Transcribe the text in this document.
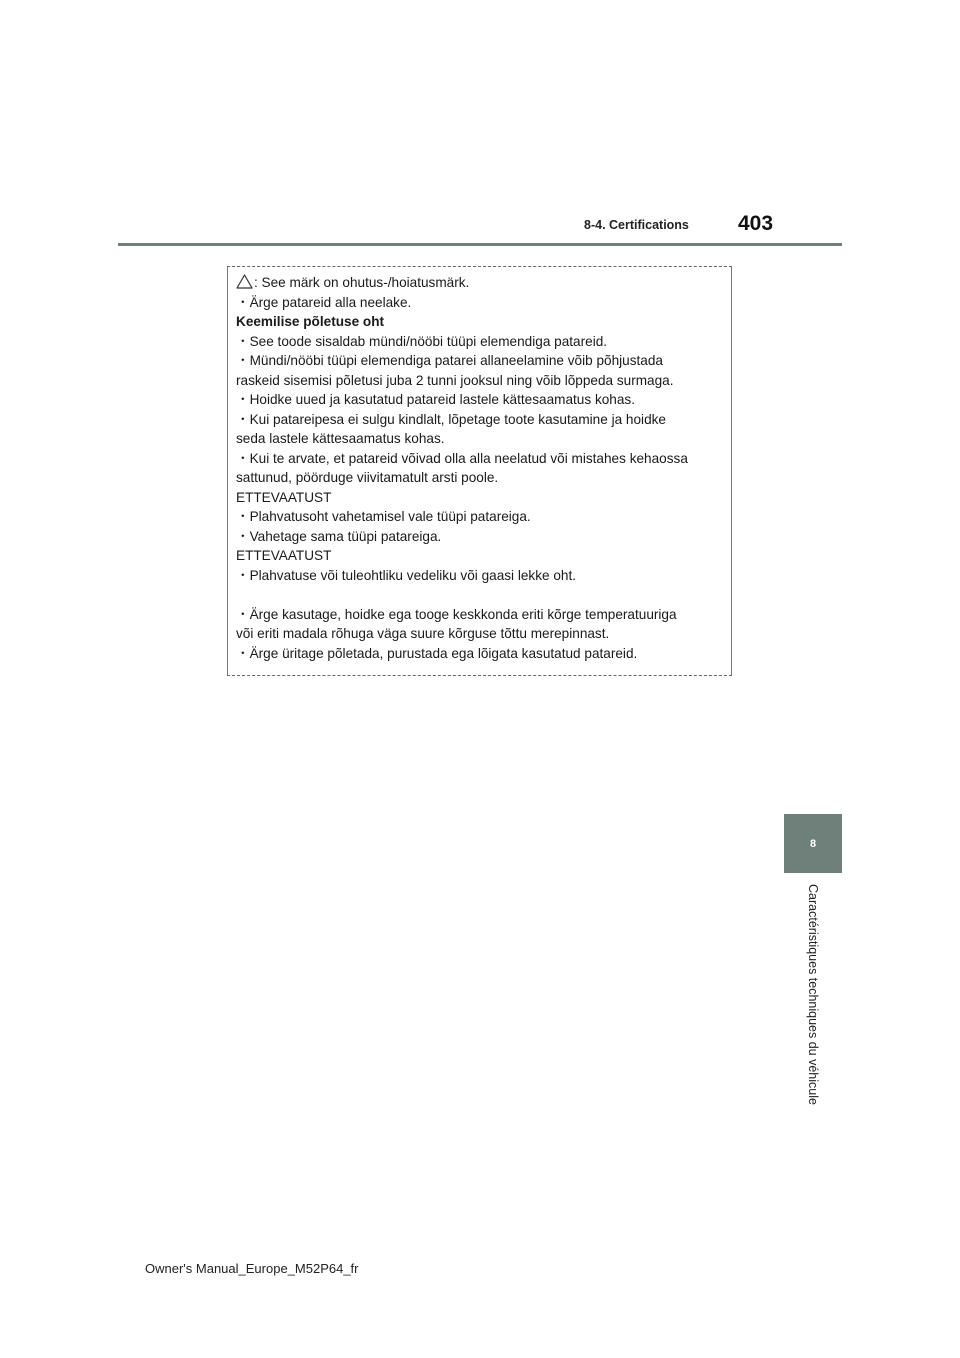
8-4. Certifications 403
: See märk on ohutus-/hoiatusmärk.
・Ärge patareid alla neelake.
Keemilise põletuse oht
・See toode sisaldab mündi/nööbi tüüpi elemendiga patareid.
・Mündi/nööbi tüüpi elemendiga patarei allaneelamine võib põhjustada
raskeid sisemisi põletusi juba 2 tunni jooksul ning võib lõppeda surmaga.
・Hoidke uued ja kasutatud patareid lastele kättesaamatus kohas.
・Kui patareipesa ei sulgu kindlalt, lõpetage toote kasutamine ja hoidke
seda lastele kättesaamatus kohas.
・Kui te arvate, et patareid võivad olla alla neelatud või mistahes kehaossa
sattunud, pöörduge viivitamatult arsti poole.
ETTEVAATUST
・Plahvatusoht vahetamisel vale tüüpi patareiga.
・Vahetage sama tüüpi patareiga.
ETTEVAATUST
・Plahvatuse või tuleohtliku vedeliku või gaasi lekke oht.
・Ärge kasutage, hoidke ega tooge keskkonda eriti kõrge temperatuuriga
või eriti madala rõhuga väga suure kõrguse tõttu merepinnast.
・Ärge üritage põletada, purustada ega lõigata kasutatud patareid.
8
Caractéristiques techniques du véhicule
Owner's Manual_Europe_M52P64_fr
